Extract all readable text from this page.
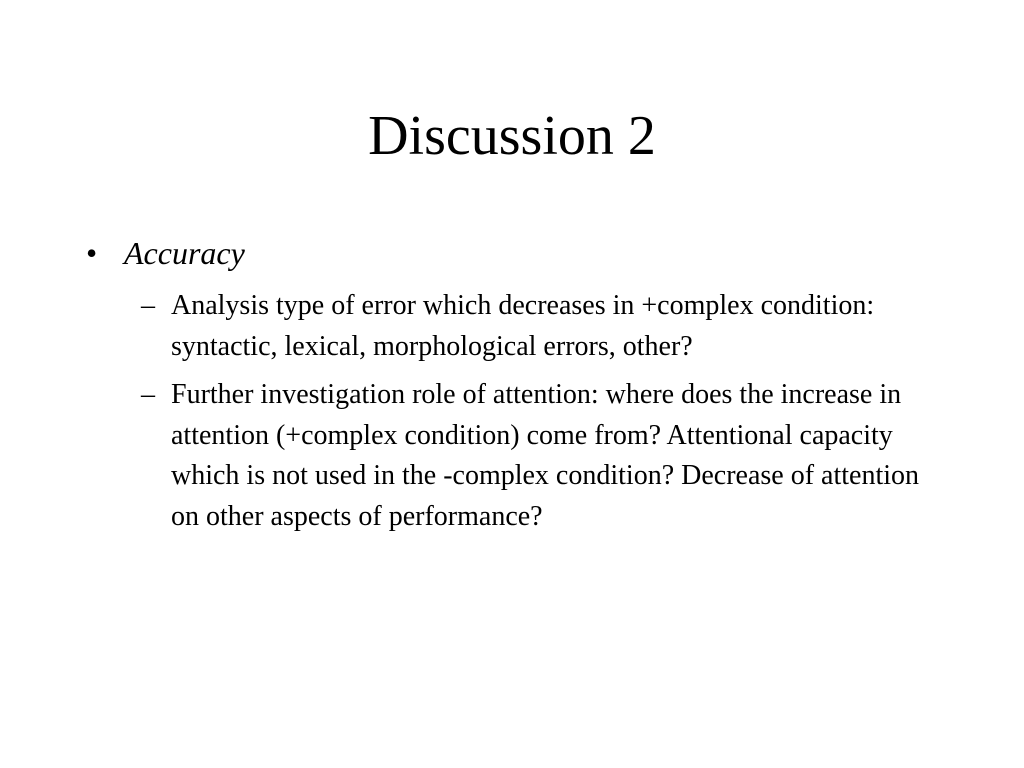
Discussion 2
• Accuracy
– Analysis type of error which decreases in +complex condition: syntactic, lexical, morphological errors, other?
– Further investigation role of attention: where does the increase in attention (+complex condition) come from? Attentional capacity which is not used in the -complex condition? Decrease of attention on other aspects of performance?
